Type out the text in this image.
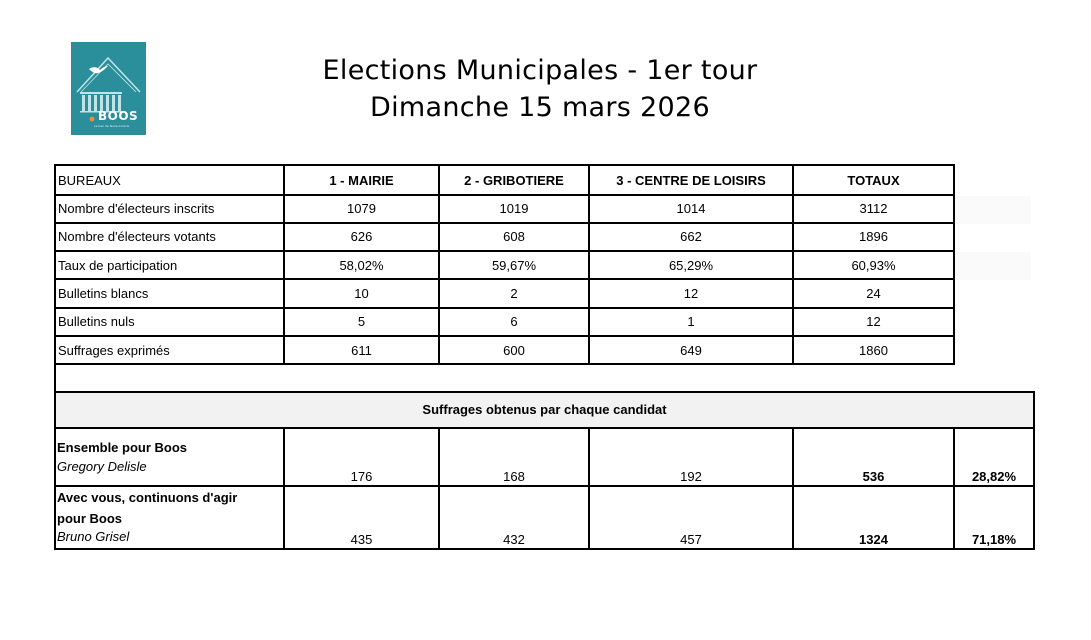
BOOS
Le ban de Noire-Amoris
Elections Municipales - 1er tour
Dimanche 15 mars 2026
BUREAUX	1 - MAIRIE	2 - GRIBOTIERE	3 - CENTRE DE LOISIRS	TOTAUX
Nombre d'électeurs inscrits	1079	1019	1014	3112
Nombre d'électeurs votants	626	608	662	1896
Taux de participation	58,02%	59,67%	65,29%	60,93%
Bulletins blancs	10	2	12	24
Bulletins nuls	5	6	1	12
Suffrages exprimés	611	600	649	1860
Suffrages obtenus par chaque candidat
Ensemble pour Boos
Gregory Delisle
176	168	192	536	28,82%
Avec vous, continuons d'agir
pour Boos
Bruno Grisel	435	432	457	1324	71,18%
